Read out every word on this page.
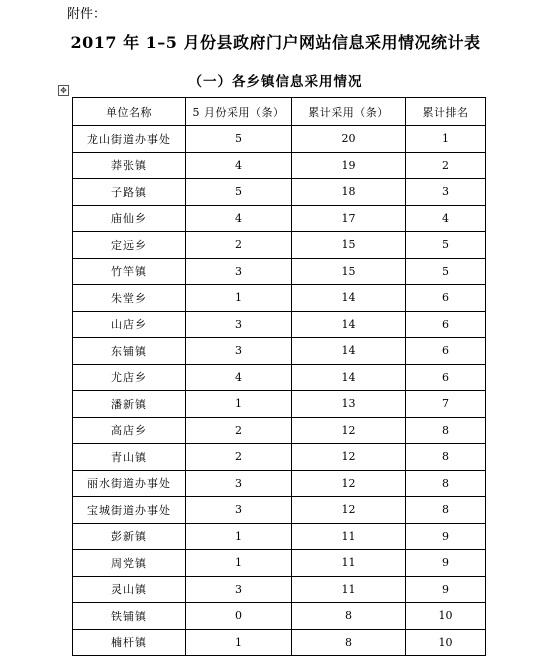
附件：
2017 年 1–5 月份县政府门户网站信息采用情况统计表
（一）各乡镇信息采用情况
✥
单位名称	5 月份采用（条）	累计采用（条）	累计排名
龙山街道办事处	5	20	1
莽张镇	4	19	2
子路镇	5	18	3
庙仙乡	4	17	4
定远乡	2	15	5
竹竿镇	3	15	5
朱堂乡	1	14	6
山店乡	3	14	6
东铺镇	3	14	6
尤店乡	4	14	6
潘新镇	1	13	7
高店乡	2	12	8
青山镇	2	12	8
丽水街道办事处	3	12	8
宝城街道办事处	3	12	8
彭新镇	1	11	9
周党镇	1	11	9
灵山镇	3	11	9
铁铺镇	0	8	10
楠杆镇	1	8	10
